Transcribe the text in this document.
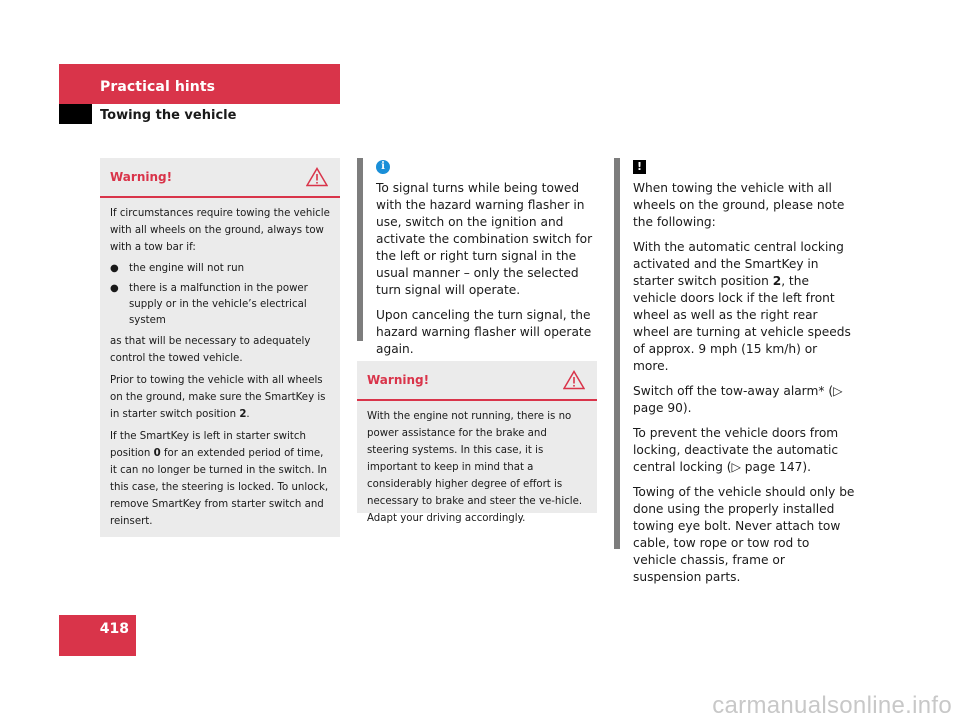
Practical hints
Towing the vehicle
Warning!

If circumstances require towing the vehicle with all wheels on the ground, always tow with a tow bar if:

●	the engine will not run
●	there is a malfunction in the power supply or in the vehicle’s electrical system

as that will be necessary to adequately control the towed vehicle.

Prior to towing the vehicle with all wheels on the ground, make sure the SmartKey is in starter switch position 2.

If the SmartKey is left in starter switch position 0 for an extended period of time, it can no longer be turned in the switch. In this case, the steering is locked. To unlock, remove SmartKey from starter switch and reinsert.

i

To signal turns while being towed with the hazard warning flasher in use, switch on the ignition and activate the combination switch for the left or right turn signal in the usual manner – only the selected turn signal will operate.

Upon canceling the turn signal, the hazard warning flasher will operate again.

Warning!

With the engine not running, there is no power assistance for the brake and steering systems. In this case, it is important to keep in mind that a considerably higher degree of effort is necessary to brake and steer the ve-hicle. Adapt your driving accordingly.

!

When towing the vehicle with all wheels on the ground, please note the following:

With the automatic central locking activated and the SmartKey in starter switch position 2, the vehicle doors lock if the left front wheel as well as the right rear wheel are turning at vehicle speeds of approx. 9 mph (15 km/h) or more.

Switch off the tow-away alarm* (▷ page 90).

To prevent the vehicle doors from locking, deactivate the automatic central locking (▷ page 147).

Towing of the vehicle should only be done using the properly installed towing eye bolt. Never attach tow cable, tow rope or tow rod to vehicle chassis, frame or suspension parts.

418
carmanualsonline.info
